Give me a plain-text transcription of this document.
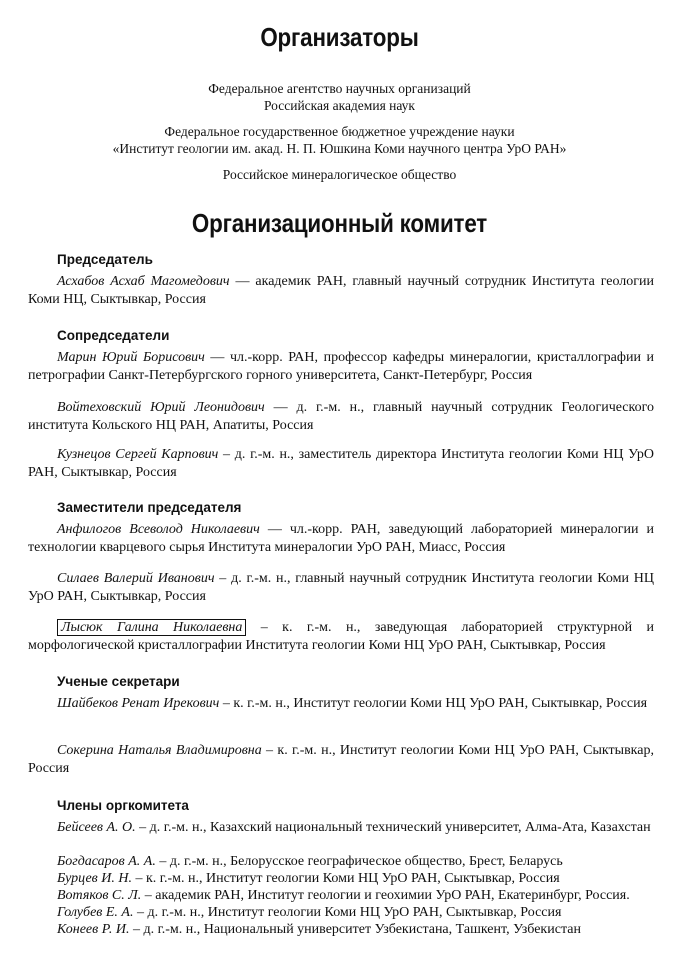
Организаторы
Федеральное агентство научных организаций
Российская академия наук
Федеральное государственное бюджетное учреждение науки
«Институт геологии им. акад. Н. П. Юшкина Коми научного центра УрО РАН»
Российское минералогическое общество
Организационный комитет
Председатель
Асхабов Асхаб Магомедович — академик РАН, главный научный сотрудник Института геологии Коми НЦ, Сыктывкар, Россия
Сопредседатели
Марин Юрий Борисович — чл.-корр. РАН, профессор кафедры минералогии, кристаллографии и петрографии Санкт-Петербургского горного университета, Санкт-Петербург, Россия
Войтеховский Юрий Леонидович — д. г.-м. н., главный научный сотрудник Геологического института Кольского НЦ РАН, Апатиты, Россия
Кузнецов Сергей Карпович – д. г.-м. н., заместитель директора Института геологии Коми НЦ УрО РАН, Сыктывкар, Россия
Заместители председателя
Анфилогов Всеволод Николаевич — чл.-корр. РАН, заведующий лабораторией минералогии и технологии кварцевого сырья Института минералогии УрО РАН, Миасс, Россия
Силаев Валерий Иванович – д. г.-м. н., главный научный сотрудник Института геологии Коми НЦ УрО РАН, Сыктывкар, Россия
Лысюк Галина Николаевна – к. г.-м. н., заведующая лабораторией структурной и морфологической кристаллографии Института геологии Коми НЦ УрО РАН, Сыктывкар, Россия
Ученые секретари
Шайбеков Ренат Ирекович – к. г.-м. н., Институт геологии Коми НЦ УрО РАН, Сыктывкар, Россия
Сокерина Наталья Владимировна – к. г.-м. н., Институт геологии Коми НЦ УрО РАН, Сыктывкар, Россия
Члены оргкомитета
Бейсеев А. О. – д. г.-м. н., Казахский национальный технический университет, Алма-Ата, Казахстан
Богдасаров А. А. – д. г.-м. н., Белорусское географическое общество, Брест, Беларусь
Бурцев И. Н. – к. г.-м. н., Институт геологии Коми НЦ УрО РАН, Сыктывкар, Россия
Вотяков С. Л. – академик РАН, Институт геологии и геохимии УрО РАН, Екатеринбург, Россия.
Голубев Е. А. – д. г.-м. н., Институт геологии Коми НЦ УрО РАН, Сыктывкар, Россия
Конеев Р. И. – д. г.-м. н., Национальный университет Узбекистана, Ташкент, Узбекистан
